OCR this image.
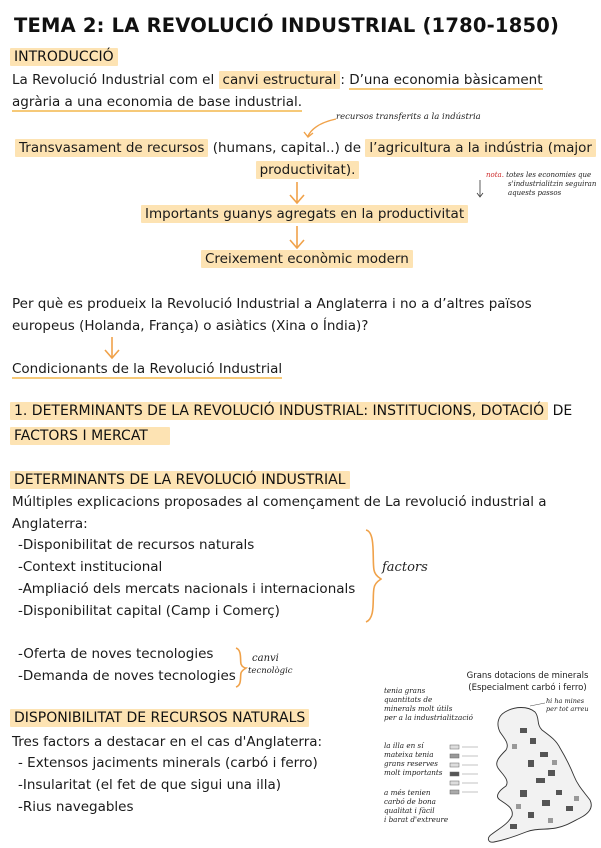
TEMA 2: LA REVOLUCIÓ INDUSTRIAL (1780-1850)
INTRODUCCIÓ
La Revolució Industrial com el canvi estructural : D’una economia bàsicament
agrària a una economia de base industrial.
recursos transferits a la indústria
Transvasament de recursos (humans, capital..) de l’agricultura a la indústria (major
productivitat).	nota. totes les economies que
s'industrialitzin seguiran
aquests passos
Importants guanys agregats en la productivitat
Creixement econòmic modern
Per què es produeix la Revolució Industrial a Anglaterra i no a d’altres països
europeus (Holanda, França) o asiàtics (Xina o Índia)?
Condicionants de la Revolució Industrial
1. DETERMINANTS DE LA REVOLUCIÓ INDUSTRIAL: INSTITUCIONS, DOTACIÓ DE
FACTORS I MERCAT
DETERMINANTS DE LA REVOLUCIÓ INDUSTRIAL
Múltiples explicacions proposades al començament de La revolució industrial a
Anglaterra:
-Disponibilitat de recursos naturals
-Context institucional
-Ampliació dels mercats nacionals i internacionals
-Disponibilitat capital (Camp i Comerç)
factors
-Oferta de noves tecnologies
-Demanda de noves tecnologies
canvi
tecnològic
DISPONIBILITAT DE RECURSOS NATURALS
Tres factors a destacar en el cas d'Anglaterra:
- Extensos jaciments minerals (carbó i ferro)
-Insularitat (el fet de que sigui una illa)
-Rius navegables
Grans dotacions de minerals
(Especialment carbó i ferro)
tenia grans
quantitats de
minerals molt útils
per a la industrialització
la illa en sí
mateixa tenia
grans reserves
molt importants
a més tenien
carbó de bona
qualitat i fàcil
i barat d'extreure
hi ha mines
per tot arreu
